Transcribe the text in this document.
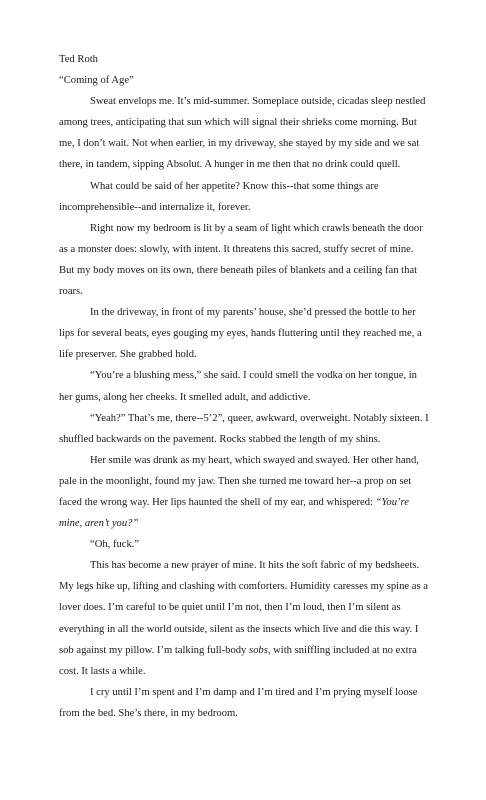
Ted Roth

“Coming of Age”

Sweat envelops me. It’s mid-summer. Someplace outside, cicadas sleep nestled among trees, anticipating that sun which will signal their shrieks come morning. But me, I don’t wait. Not when earlier, in my driveway, she stayed by my side and we sat there, in tandem, sipping Absolut. A hunger in me then that no drink could quell.

What could be said of her appetite? Know this--that some things are incomprehensible--and internalize it, forever.

Right now my bedroom is lit by a seam of light which crawls beneath the door as a monster does: slowly, with intent. It threatens this sacred, stuffy secret of mine. But my body moves on its own, there beneath piles of blankets and a ceiling fan that roars.

In the driveway, in front of my parents’ house, she’d pressed the bottle to her lips for several beats, eyes gouging my eyes, hands fluttering until they reached me, a life preserver. She grabbed hold.

“You’re a blushing mess,” she said. I could smell the vodka on her tongue, in her gums, along her cheeks. It smelled adult, and addictive.

“Yeah?” That’s me, there--5’2”, queer, awkward, overweight. Notably sixteen. I shuffled backwards on the pavement. Rocks stabbed the length of my shins.

Her smile was drunk as my heart, which swayed and swayed. Her other hand, pale in the moonlight, found my jaw. Then she turned me toward her--a prop on set faced the wrong way. Her lips haunted the shell of my ear, and whispered: “You’re mine, aren’t you?”

“Oh, fuck.”

This has become a new prayer of mine. It hits the soft fabric of my bedsheets. My legs hike up, lifting and clashing with comforters. Humidity caresses my spine as a lover does. I’m careful to be quiet until I’m not, then I’m loud, then I’m silent as everything in all the world outside, silent as the insects which live and die this way. I sob against my pillow. I’m talking full-body sobs, with sniffling included at no extra cost. It lasts a while.

I cry until I’m spent and I’m damp and I’m tired and I’m prying myself loose from the bed. She’s there, in my bedroom.
